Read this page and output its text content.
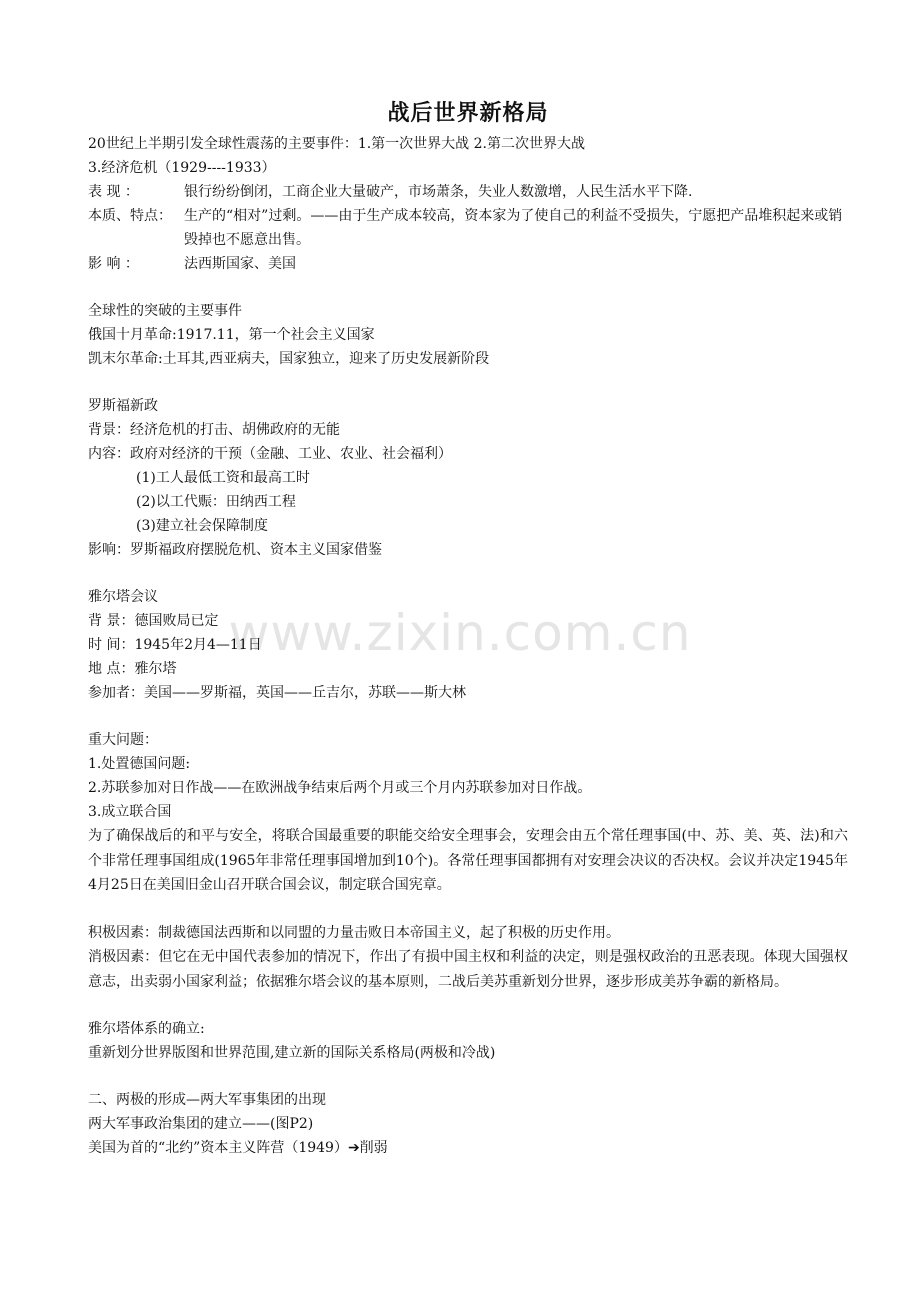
www.zixin.com.cn
战后世界新格局
20世纪上半期引发全球性震荡的主要事件：1.第一次世界大战 2.第二次世界大战
3.经济危机（1929----1933）
表 现 ：	银行纷纷倒闭，工商企业大量破产，市场萧条，失业人数激增，人民生活水平下降.
本质、特点： 生产的“相对”过剩。——由于生产成本较高，资本家为了使自己的利益不受损失，宁愿把产品堆积起来或销毁掉也不愿意出售。
影 响 ：	法西斯国家、美国
全球性的突破的主要事件
俄国十月革命:1917.11，第一个社会主义国家
凯末尔革命:土耳其,西亚病夫，国家独立，迎来了历史发展新阶段
罗斯福新政
背景：经济危机的打击、胡佛政府的无能
内容：政府对经济的干预（金融、工业、农业、社会福利）
(1)工人最低工资和最高工时
(2)以工代赈：田纳西工程
(3)建立社会保障制度
影响：罗斯福政府摆脱危机、资本主义国家借鉴
雅尔塔会议
背 景：德国败局已定
时 间：1945年2月4—11日
地 点：雅尔塔
参加者：美国——罗斯福，英国——丘吉尔，苏联——斯大林
重大问题：
1.处置德国问题:
2.苏联参加对日作战——在欧洲战争结束后两个月或三个月内苏联参加对日作战。
3.成立联合国
为了确保战后的和平与安全，将联合国最重要的职能交给安全理事会，安理会由五个常任理事国(中、苏、美、英、法)和六个非常任理事国组成(1965年非常任理事国增加到10个)。各常任理事国都拥有对安理会决议的否决权。会议并决定1945年4月25日在美国旧金山召开联合国会议，制定联合国宪章。
积极因素：制裁德国法西斯和以同盟的力量击败日本帝国主义，起了积极的历史作用。
消极因素：但它在无中国代表参加的情况下，作出了有损中国主权和利益的决定，则是强权政治的丑恶表现。体现大国强权意志，出卖弱小国家利益；依据雅尔塔会议的基本原则，二战后美苏重新划分世界，逐步形成美苏争霸的新格局。
雅尔塔体系的确立:
重新划分世界版图和世界范围,建立新的国际关系格局(两极和冷战)
二、两极的形成—两大军事集团的出现
两大军事政治集团的建立——(图P2)
美国为首的“北约”资本主义阵营（1949）➔削弱
